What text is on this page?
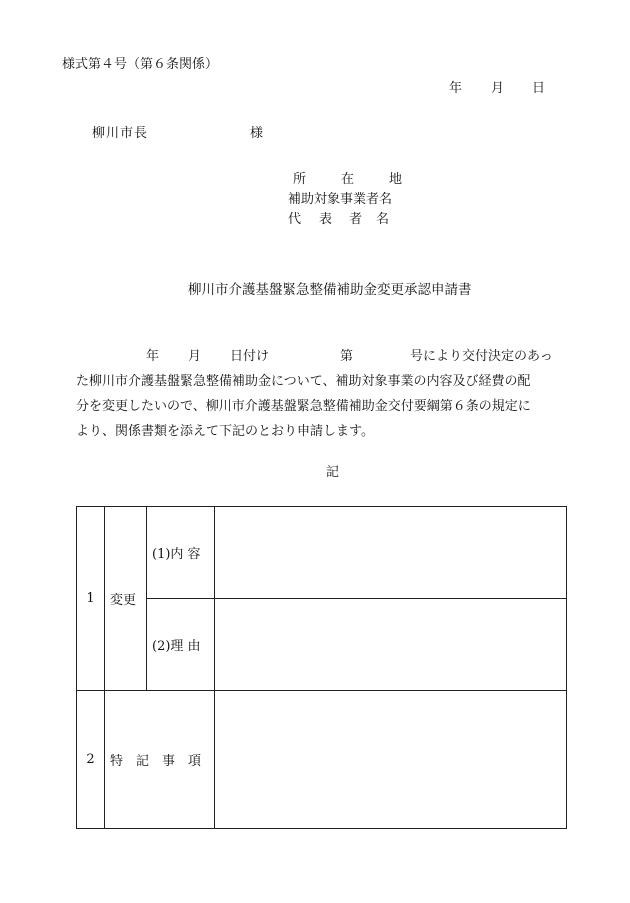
様式第４号（第６条関係）
年 月 日
柳川市長	様
所	在	地
補助対象事業者名
代 表 者 名
柳川市介護基盤緊急整備補助金変更承認申請書
年 月 日付け	第	号により交付決定のあっ
た柳川市介護基盤緊急整備補助金について、補助対象事業の内容及び経費の配
分を変更したいので、柳川市介護基盤緊急整備補助金交付要綱第６条の規定に
より、関係書類を添えて下記のとおり申請します。
記
1	変更	(1)内 容	
		(2)理 由	
2	特　記　事　項		
